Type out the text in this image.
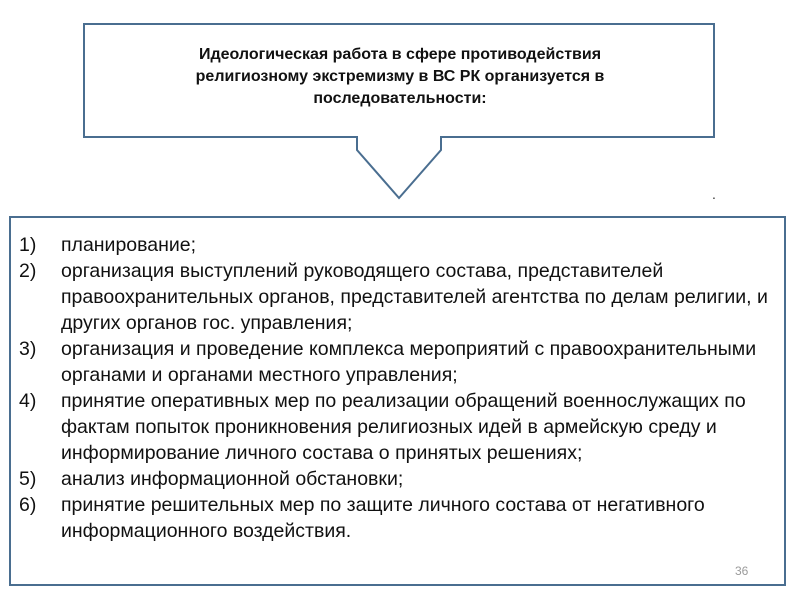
Идеологическая работа в сфере противодействия
религиозному экстремизму в ВС РК организуется в
последовательности:
.
1)	планирование;
2)	организация выступлений руководящего состава, представителей правоохранительных органов, представителей агентства по делам религии, и других органов гос. управления;
3)	организация и проведение комплекса мероприятий с правоохранительными органами и органами местного управления;
4)	принятие оперативных мер по реализации обращений военнослужащих по фактам попыток проникновения религиозных идей в армейскую среду и информирование личного состава о принятых решениях;
5)	анализ информационной обстановки;
6)	принятие решительных мер по защите личного состава от негативного информационного воздействия.
36
